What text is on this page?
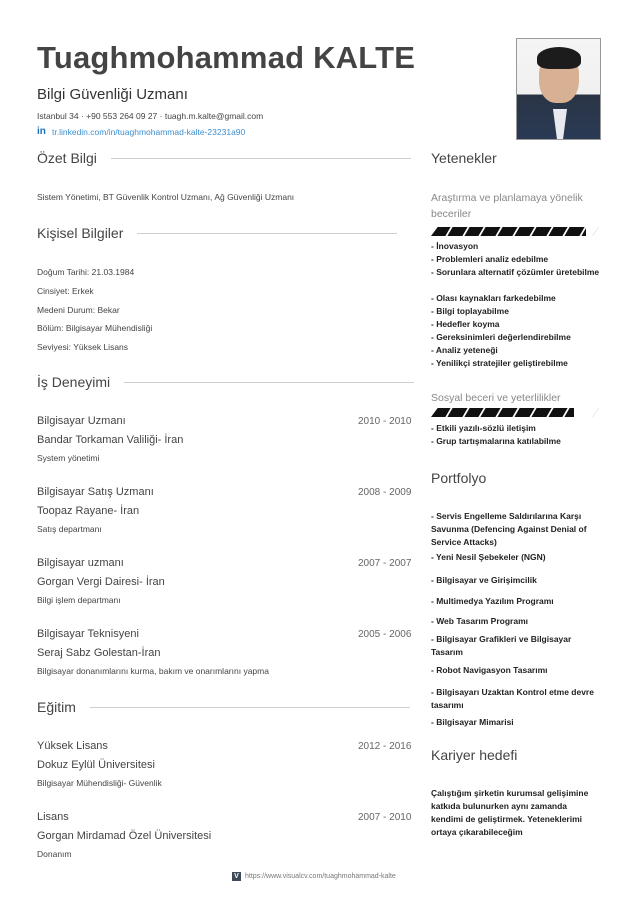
Tuaghmohammad KALTE
Bilgi Güvenliği Uzmanı
Istanbul 34 · +90 553 264 09 27 · tuagh.m.kalte@gmail.com
in tr.linkedin.com/in/tuaghmohammad-kalte-23231a90
Özet Bilgi
Sistem Yönetimi, BT Güvenlik Kontrol Uzmanı, Ağ Güvenliği Uzmanı
Kişisel Bilgiler
Doğum Tarihi: 21.03.1984
Cinsiyet: Erkek
Medeni Durum: Bekar
Bölüm: Bilgisayar Mühendisliği
Seviyesi: Yüksek Lisans
İş Deneyimi
Bilgisayar Uzmanı	2010 - 2010
Bandar Torkaman Valiliği- İran
System yönetimi
Bilgisayar Satış Uzmanı	2008 - 2009
Toopaz Rayane- İran
Satış departmanı
Bilgisayar uzmanı	2007 - 2007
Gorgan Vergi Dairesi- İran
Bilgi işlem departmanı
Bilgisayar Teknisyeni	2005 - 2006
Seraj Sabz Golestan-İran
Bilgisayar donanımlarını kurma, bakım ve onarımlarını yapma
Eğitim
Yüksek Lisans	2012 - 2016
Dokuz Eylül Üniversitesi
Bilgisayar Mühendisliği- Güvenlik
Lisans	2007 - 2010
Gorgan Mirdamad Özel Üniversitesi
Donanım
Yetenekler
Araştırma ve planlamaya yönelik beceriler
- İnovasyon
- Problemleri analiz edebilme
- Sorunlara alternatif çözümler üretebilme
- Olası kaynakları farkedebilme
- Bilgi toplayabilme
- Hedefler koyma
- Gereksinimleri değerlendirebilme
- Analiz yeteneği
- Yenilikçi stratejiler geliştirebilme
Sosyal beceri ve yeterlilikler
- Etkili yazılı-sözlü iletişim
- Grup tartışmalarına katılabilme
Portfolyo
- Servis Engelleme Saldırılarına Karşı Savunma (Defencing Against Denial of Service Attacks)
- Yeni Nesil Şebekeler (NGN)
- Bilgisayar ve Girişimcilik
- Multimedya Yazılım Programı
- Web Tasarım Programı
- Bilgisayar Grafikleri ve Bilgisayar Tasarım
- Robot Navigasyon Tasarımı
- Bilgisayarı Uzaktan Kontrol etme devre tasarımı
- Bilgisayar Mimarisi
Kariyer hedefi
Çalıştığım şirketin kurumsal gelişimine katkıda bulunurken aynı zamanda kendimi de geliştirmek. Yeteneklerimi ortaya çıkarabileceğim
V https://www.visualcv.com/tuaghmohammad-kalte
